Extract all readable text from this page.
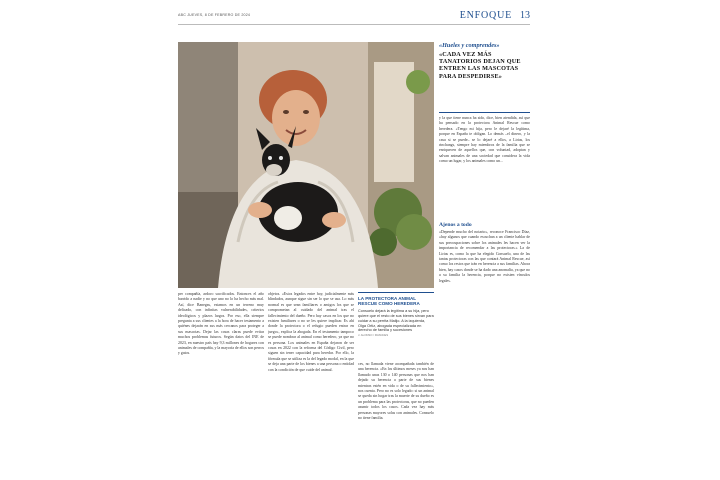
ABC JUEVES, 8 DE FEBRERO DE 2024	ENFOQUE 13
«Hueles y comprendes»
«CADA VEZ MÁS TANATORIOS DEJAN QUE ENTREN LAS MASCOTAS PARA DESPEDIRSE»

y la que tiene nunca ha sido, dice, bien atendida, así que ha pensado en la protectora Animal Rescue como heredera. «Tengo mi hija, pero le dejaré la legítima, porque en España te obligan. Lo demás –el dinero, y la casa si se puede– se lo dejaré a ellos, a Lirias, los rinchangs, siempre hay miembros de la familia que se enriquecen de aquellos que, con voluntad, adoptan y salvan animales de una sociedad que considera la vida como un lugar, y los animales como un...

Ajenos a todo

«Depende mucho del notario», reconoce Francisco Díaz, «hay algunos que cuando escuchan a un cliente hablar de sus preocupaciones sobre los animales les hacen ver la importancia de recomendar a las protectoras.» La de Lirias es, como la que ha elegido Consuelo, una de las tantas protectoras con las que contará Animal Rescue, así como los restos que irán en herencia a sus familias. Ahora bien, hay casos donde se ha dado una anomalía, ya que no a su familia la herencia, porque no existen vínculos legales.

LA PROTECTORA ANIMAL RESCUE COMO HEREDERA
Consuelo dejará la legítima a su hija, pero quiere que el resto de sus bienes sirvan para cuidar a su perrita Malijo. A la izquierda, Olga Ortiz, abogada especializada en derecho de familia y sucesiones
J. ALONSO / FRANCES

per compañía, ardoro sacrificados. Entonces el año barrido a nadie y no que uno no lo ha hecho más mal. Así, dice Banegas, estamos en un terreno muy delicado, con infinitas vulnerabilidades, criterios ideológicos y plazos largos. Por eso, ella siempre pregunta a sus clientes a la hora de hacer testamento a quiénes dejarán en sus más cercanos para proteger a sus mascotas. Dejar las cosas claras puede evitar muchos problemas futuros. Según datos del INE de 2023, en nuestro país hay 9,3 millones de hogares con animales de compañía, y la mayoría de ellos son perros y gatos.

objetos. «Estos legados entre hoy, judicialmente más blindados, aunque sigue sin ser lo que se usa. Lo más normal es que sean familiares o amigos los que se comprometan al cuidado del animal tras el fallecimiento del dueño. Pero hay casos en los que no existen familiares o no se les quiere implicar. Es ahí donde la protectora o el refugio pueden entrar en juego», explica la abogada. En el testamento tampoco se puede nombrar al animal como heredero, ya que no es persona. Los animales en España dejaron de ser cosas en 2022 con la reforma del Código Civil, pero siguen sin tener capacidad para heredar. Por ello, la fórmula que se utiliza es la del legado modal, en la que se deja una parte de los bienes a una persona o entidad con la condición de que cuide del animal.

ces, no llamada viene acompañada también de una herencia. «En los últimos meses ya nos han llamado unas 130 o 140 personas que nos han dejado su herencia a parte de sus bienes mientras estén en vida o de su fallecimiento», nos cuenta. Pero no es solo legado: si un animal se queda sin hogar tras la muerte de su dueño es un problema para las protectoras, que no pueden asumir todos los casos. Cada vez hay más personas mayores solas con animales. Consuelo no tiene familia.
